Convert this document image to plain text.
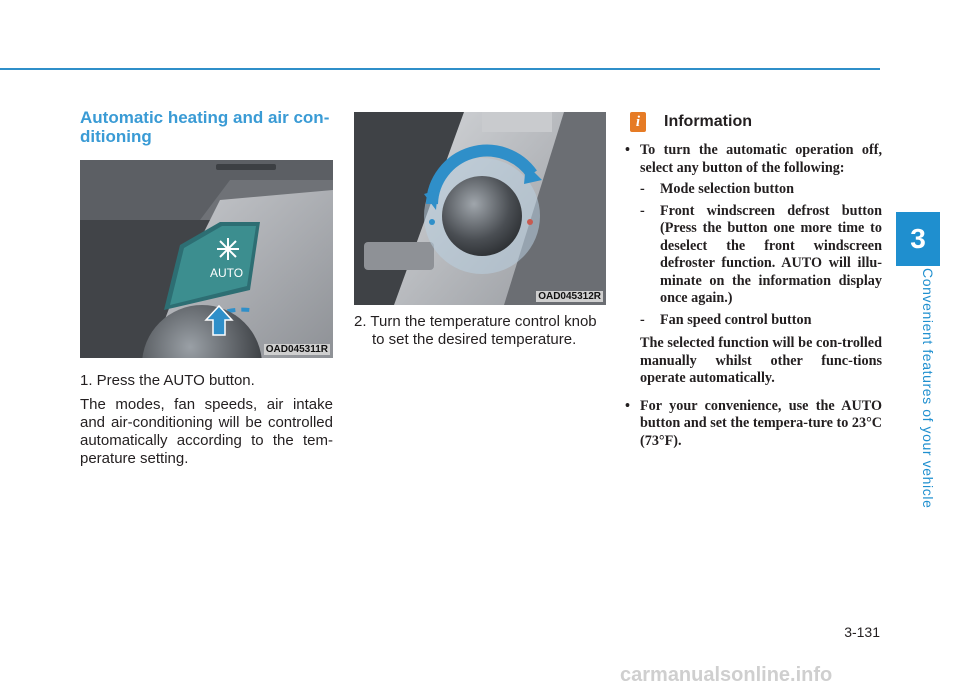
3
Convenient features of your vehicle
Automatic heating and air con-ditioning
AUTO
OAD045311R

1. Press the AUTO button.

The modes, fan speeds, air intake and air-conditioning will be controlled automatically according to the tem-perature setting.

OAD045312R

2. Turn the temperature control knob to set the desired temperature.

i	Information
• To turn the automatic operation off, select any button of the following:
- Mode selection button
- Front windscreen defrost button (Press the button one more time to deselect the front windscreen defroster function. AUTO will illu-minate on the information display once again.)
- Fan speed control button
The selected function will be con-trolled manually whilst other func-tions operate automatically.
• For your convenience, use the AUTO button and set the tempera-ture to 23°C (73°F).
3-131
carmanualsonline.info
